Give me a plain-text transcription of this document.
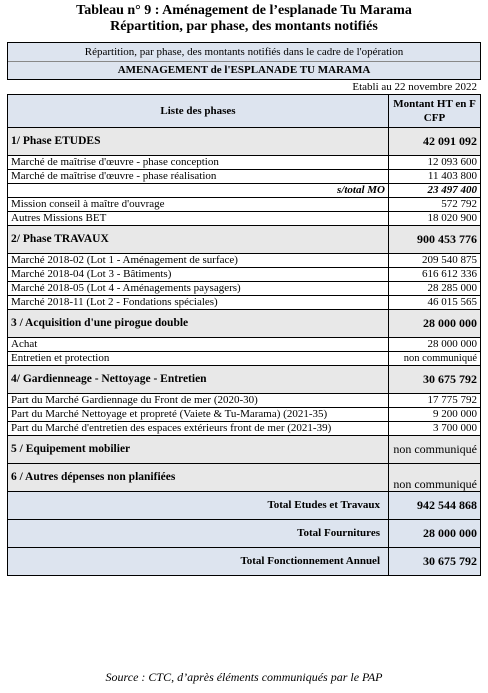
Tableau n° 9 : Aménagement de l’esplanade Tu Marama
Répartition, par phase, des montants notifiés
Répartition, par phase, des montants notifiés dans le cadre de l'opération
AMENAGEMENT de l'ESPLANADE TU MARAMA
Etabli au 22 novembre 2022
Liste des phases	Montant HT en F CFP
1/ Phase ETUDES	42 091 092
Marché de maîtrise d'œuvre - phase conception	12 093 600
Marché de maîtrise d'œuvre - phase réalisation	11 403 800
s/total MO	23 497 400
Mission conseil à maître d'ouvrage	572 792
Autres Missions BET	18 020 900
2/ Phase TRAVAUX	900 453 776
Marché 2018-02 (Lot 1 - Aménagement de surface)	209 540 875
Marché 2018-04 (Lot 3 - Bâtiments)	616 612 336
Marché 2018-05 (Lot 4 - Aménagements paysagers)	28 285 000
Marché 2018-11 (Lot 2 - Fondations spéciales)	46 015 565
3 / Acquisition d'une pirogue double	28 000 000
Achat	28 000 000
Entretien et protection	non communiqué
4/ Gardienneage - Nettoyage - Entretien	30 675 792
Part du Marché Gardiennage du Front de mer (2020-30)	17 775 792
Part du Marché Nettoyage et propreté (Vaiete & Tu-Marama) (2021-35)	9 200 000
Part du Marché d'entretien des espaces extérieurs front de mer (2021-39)	3 700 000
5 / Equipement mobilier	non communiqué
6 / Autres dépenses non planifiées	non communiqué
Total Etudes et Travaux	942 544 868
Total Fournitures	28 000 000
Total Fonctionnement Annuel	30 675 792
Source : CTC, d’après éléments communiqués par le PAP
